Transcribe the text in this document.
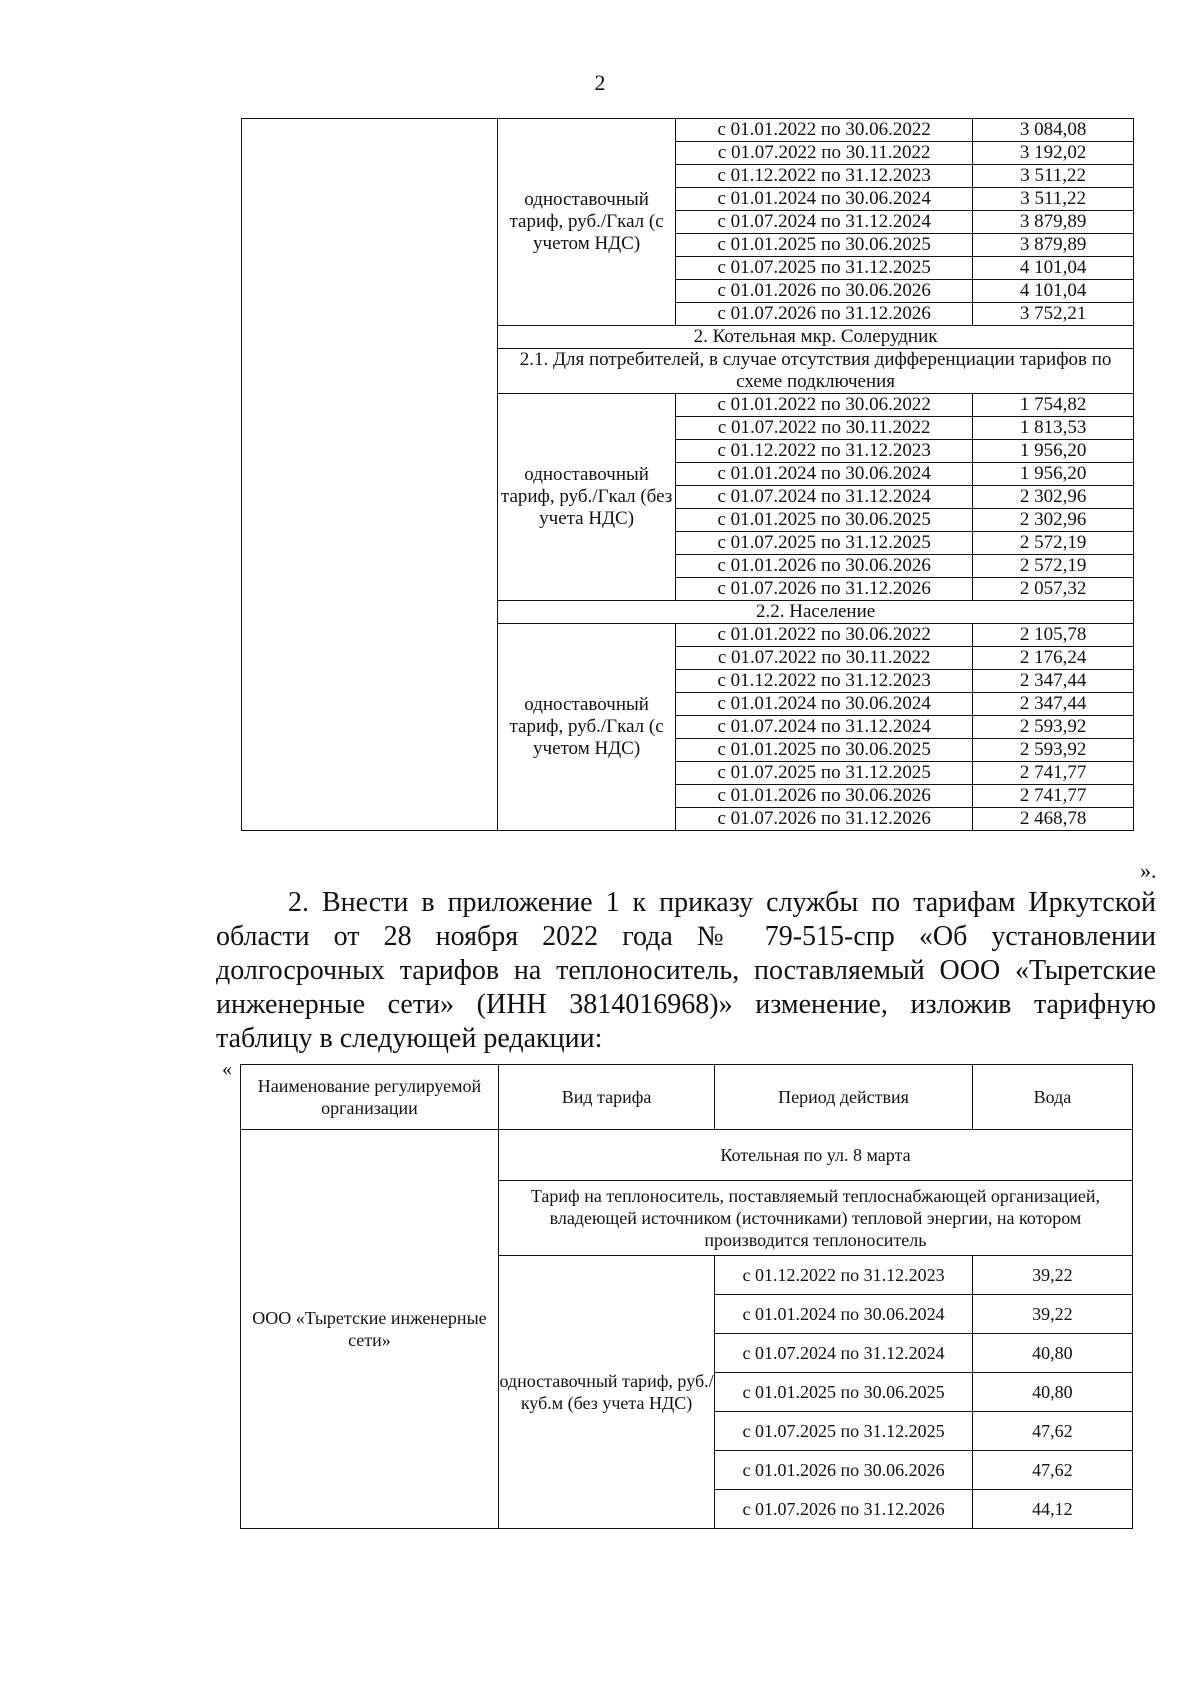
2
	одноставочный тариф, руб./Гкал (с учетом НДС)	с 01.01.2022 по 30.06.2022	3 084,08
		с 01.07.2022 по 30.11.2022	3 192,02
		с 01.12.2022 по 31.12.2023	3 511,22
		с 01.01.2024 по 30.06.2024	3 511,22
		с 01.07.2024 по 31.12.2024	3 879,89
		с 01.01.2025 по 30.06.2025	3 879,89
		с 01.07.2025 по 31.12.2025	4 101,04
		с 01.01.2026 по 30.06.2026	4 101,04
		с 01.07.2026 по 31.12.2026	3 752,21
	2. Котельная мкр. Солерудник		
	2.1. Для потребителей, в случае отсутствия дифференциации тарифов по схеме подключения		
	одноставочный тариф, руб./Гкал (без учета НДС)	с 01.01.2022 по 30.06.2022	1 754,82
		с 01.07.2022 по 30.11.2022	1 813,53
		с 01.12.2022 по 31.12.2023	1 956,20
		с 01.01.2024 по 30.06.2024	1 956,20
		с 01.07.2024 по 31.12.2024	2 302,96
		с 01.01.2025 по 30.06.2025	2 302,96
		с 01.07.2025 по 31.12.2025	2 572,19
		с 01.01.2026 по 30.06.2026	2 572,19
		с 01.07.2026 по 31.12.2026	2 057,32
	2.2. Население		
	одноставочный тариф, руб./Гкал (с учетом НДС)	с 01.01.2022 по 30.06.2022	2 105,78
		с 01.07.2022 по 30.11.2022	2 176,24
		с 01.12.2022 по 31.12.2023	2 347,44
		с 01.01.2024 по 30.06.2024	2 347,44
		с 01.07.2024 по 31.12.2024	2 593,92
		с 01.01.2025 по 30.06.2025	2 593,92
		с 01.07.2025 по 31.12.2025	2 741,77
		с 01.01.2026 по 30.06.2026	2 741,77
		с 01.07.2026 по 31.12.2026	2 468,78
».
2. Внести в приложение 1 к приказу службы по тарифам Иркутской области от 28 ноября 2022 года № 79-515-спр «Об установлении долгосрочных тарифов на теплоноситель, поставляемый ООО «Тыретские инженерные сети» (ИНН 3814016968)» изменение, изложив тарифную таблицу в следующей редакции:
«
Наименование регулируемой организации	Вид тарифа	Период действия	Вода
ООО «Тыретские инженерные сети»	Котельная по ул. 8 марта		
	Тариф на теплоноситель, поставляемый теплоснабжающей организацией, владеющей источником (источниками) тепловой энергии, на котором производится теплоноситель		
	одноставочный тариф, руб./куб.м (без учета НДС)	с 01.12.2022 по 31.12.2023	39,22
		с 01.01.2024 по 30.06.2024	39,22
		с 01.07.2024 по 31.12.2024	40,80
		с 01.01.2025 по 30.06.2025	40,80
		с 01.07.2025 по 31.12.2025	47,62
		с 01.01.2026 по 30.06.2026	47,62
		с 01.07.2026 по 31.12.2026	44,12
